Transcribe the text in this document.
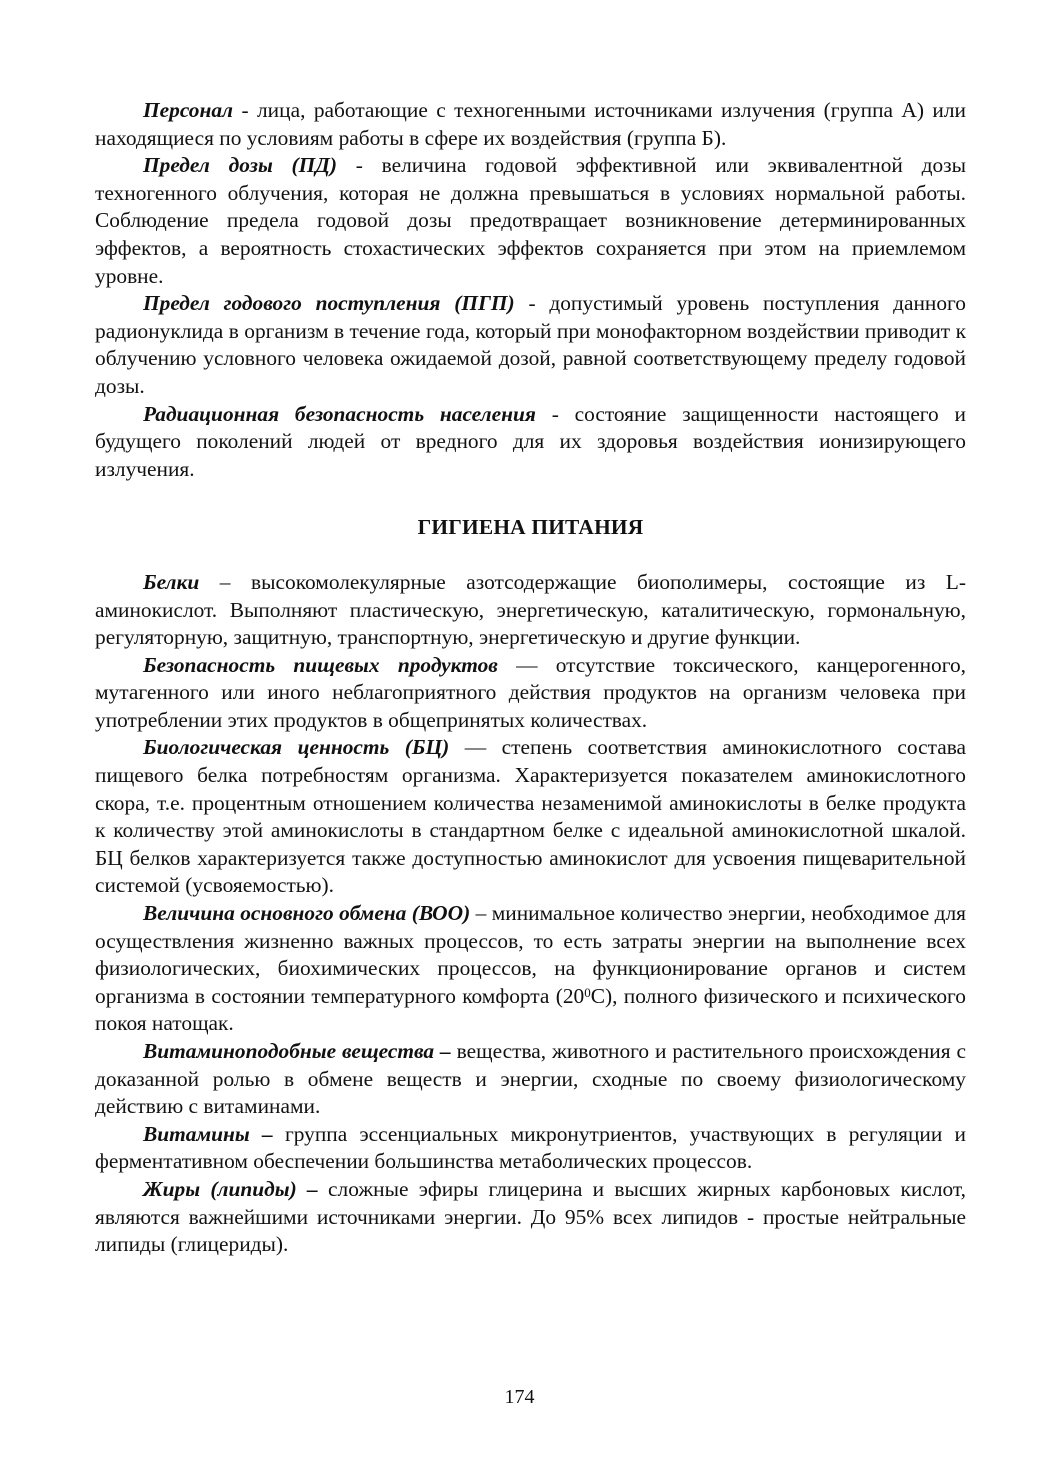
Персонал - лица, работающие с техногенными источниками излучения (группа А) или находящиеся по условиям работы в сфере их воздействия (группа Б).

Предел дозы (ПД) - величина годовой эффективной или эквивалентной дозы техногенного облучения, которая не должна превышаться в условиях нормальной работы. Соблюдение предела годовой дозы предотвращает возникновение детерминированных эффектов, а вероятность стохастических эффектов сохраняется при этом на приемлемом уровне.

Предел годового поступления (ПГП) - допустимый уровень поступления данного радионуклида в организм в течение года, который при монофакторном воздействии приводит к облучению условного человека ожидаемой дозой, равной соответствующему пределу годовой дозы.

Радиационная безопасность населения - состояние защищенности настоящего и будущего поколений людей от вредного для их здоровья воздействия ионизирующего излучения.

ГИГИЕНА ПИТАНИЯ

Белки – высокомолекулярные азотсодержащие биополимеры, состоящие из L-аминокислот. Выполняют пластическую, энергетическую, каталитическую, гормональную, регуляторную, защитную, транспортную, энергетическую и другие функции.

Безопасность пищевых продуктов — отсутствие токсического, канцерогенного, мутагенного или иного неблагоприятного действия продуктов на организм человека при употреблении этих продуктов в общепринятых количествах.

Биологическая ценность (БЦ) — степень соответствия аминокислотного состава пищевого белка потребностям организма. Характеризуется показателем аминокислотного скора, т.е. процентным отношением количества незаменимой аминокислоты в белке продукта к количеству этой аминокислоты в стандартном белке с идеальной аминокислотной шкалой. БЦ белков характеризуется также доступностью аминокислот для усвоения пищеварительной системой (усвояемостью).

Величина основного обмена (ВОО) – минимальное количество энергии, необходимое для осуществления жизненно важных процессов, то есть затраты энергии на выполнение всех физиологических, биохимических процессов, на функционирование органов и систем организма в состоянии температурного комфорта $(20^0С)$, полного физического и психического покоя натощак.

Витаминоподобные вещества – вещества, животного и растительного происхождения с доказанной ролью в обмене веществ и энергии, сходные по своему физиологическому действию с витаминами.

Витамины – группа эссенциальных микронутриентов, участвующих в регуляции и ферментативном обеспечении большинства метаболических процессов.

Жиры (липиды) – сложные эфиры глицерина и высших жирных карбоновых кислот, являются важнейшими источниками энергии. До 95% всех липидов - простые нейтральные липиды (глицериды).

174
